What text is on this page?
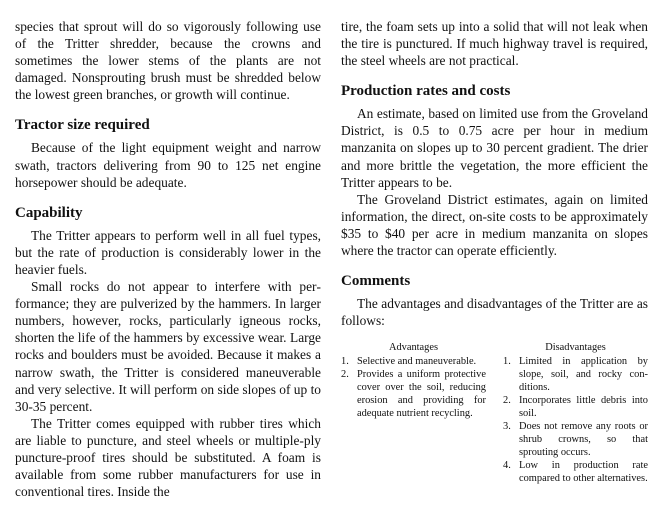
species that sprout will do so vigorously following use of the Tritter shredder, because the crowns and sometimes the lower stems of the plants are not damaged. Nonsprouting brush must be shredded below the lowest green branches, or growth will continue.

Tractor size required

Because of the light equipment weight and narrow swath, tractors delivering from 90 to 125 net engine horsepower should be adequate.

Capability

The Tritter appears to perform well in all fuel types, but the rate of production is considerably lower in the heavier fuels.

Small rocks do not appear to interfere with performance; they are pulverized by the hammers. In larger numbers, however, rocks, particularly igneous rocks, shorten the life of the hammers by excessive wear. Large rocks and boulders must be avoided. Because it makes a narrow swath, the Tritter is considered maneuverable and very selective. It will perform on side slopes of up to 30-35 percent.

The Tritter comes equipped with rubber tires which are liable to puncture, and steel wheels or multiple-ply puncture-proof tires should be substituted. A foam is available from some rubber manufacturers for use in conventional tires. Inside the

tire, the foam sets up into a solid that will not leak when the tire is punctured. If much highway travel is required, the steel wheels are not practical.

Production rates and costs

An estimate, based on limited use from the Groveland District, is 0.5 to 0.75 acre per hour in medium manzanita on slopes up to 30 percent gradient. The drier and more brittle the vegetation, the more efficient the Tritter appears to be.

The Groveland District estimates, again on limited information, the direct, on-site costs to be approximately $35 to $40 per acre in medium manzanita on slopes where the tractor can operate efficiently.

Comments

The advantages and disadvantages of the Tritter are as follows:

Advantages
1. Selective and maneuverable.
2. Provides a uniform protective cover over the soil, reducing erosion and providing for adequate nutrient recycling.
Disadvantages
1. Limited in application by slope, soil, and rocky conditions.
2. Incorporates little debris into soil.
3. Does not remove any roots or shrub crowns, so that sprouting occurs.
4. Low in production rate compared to other alternatives.
